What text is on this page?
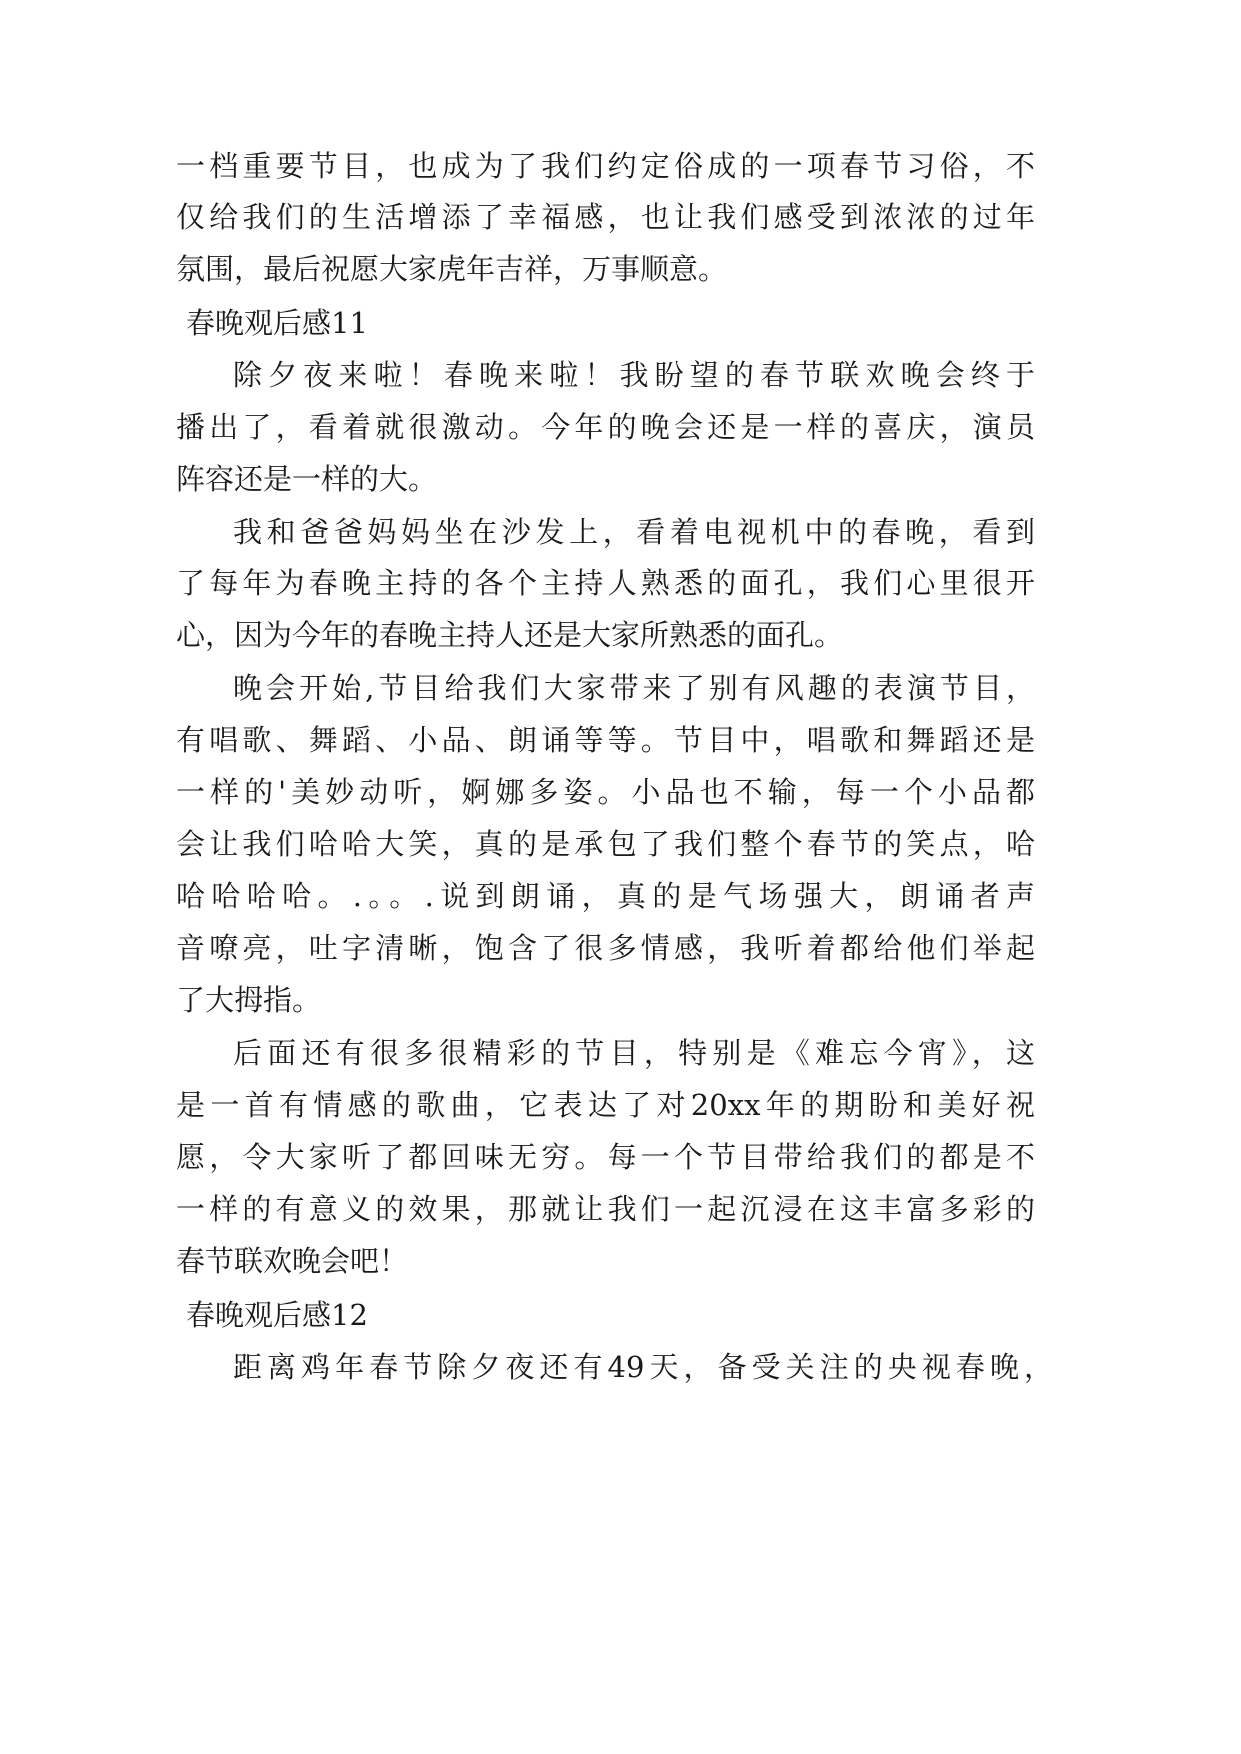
一档重要节目，也成为了我们约定俗成的一项春节习俗，不
仅给我们的生活增添了幸福感，也让我们感受到浓浓的过年
氛围，最后祝愿大家虎年吉祥，万事顺意。
春晚观后感11
除夕夜来啦！春晚来啦！我盼望的春节联欢晚会终于
播出了，看着就很激动。今年的晚会还是一样的喜庆，演员
阵容还是一样的大。
我和爸爸妈妈坐在沙发上，看着电视机中的春晚，看到
了每年为春晚主持的各个主持人熟悉的面孔，我们心里很开
心，因为今年的春晚主持人还是大家所熟悉的面孔。
晚会开始,节目给我们大家带来了别有风趣的表演节目，
有唱歌、舞蹈、小品、朗诵等等。节目中，唱歌和舞蹈还是
一样的'美妙动听，婀娜多姿。小品也不输，每一个小品都
会让我们哈哈大笑，真的是承包了我们整个春节的笑点，哈
哈哈哈哈。.。。.说到朗诵，真的是气场强大，朗诵者声
音嘹亮，吐字清晰，饱含了很多情感，我听着都给他们举起
了大拇指。
后面还有很多很精彩的节目，特别是《难忘今宵》，这
是一首有情感的歌曲，它表达了对20xx年的期盼和美好祝
愿，令大家听了都回味无穷。每一个节目带给我们的都是不
一样的有意义的效果，那就让我们一起沉浸在这丰富多彩的
春节联欢晚会吧！
春晚观后感12
距离鸡年春节除夕夜还有49天，备受关注的央视春晚，
